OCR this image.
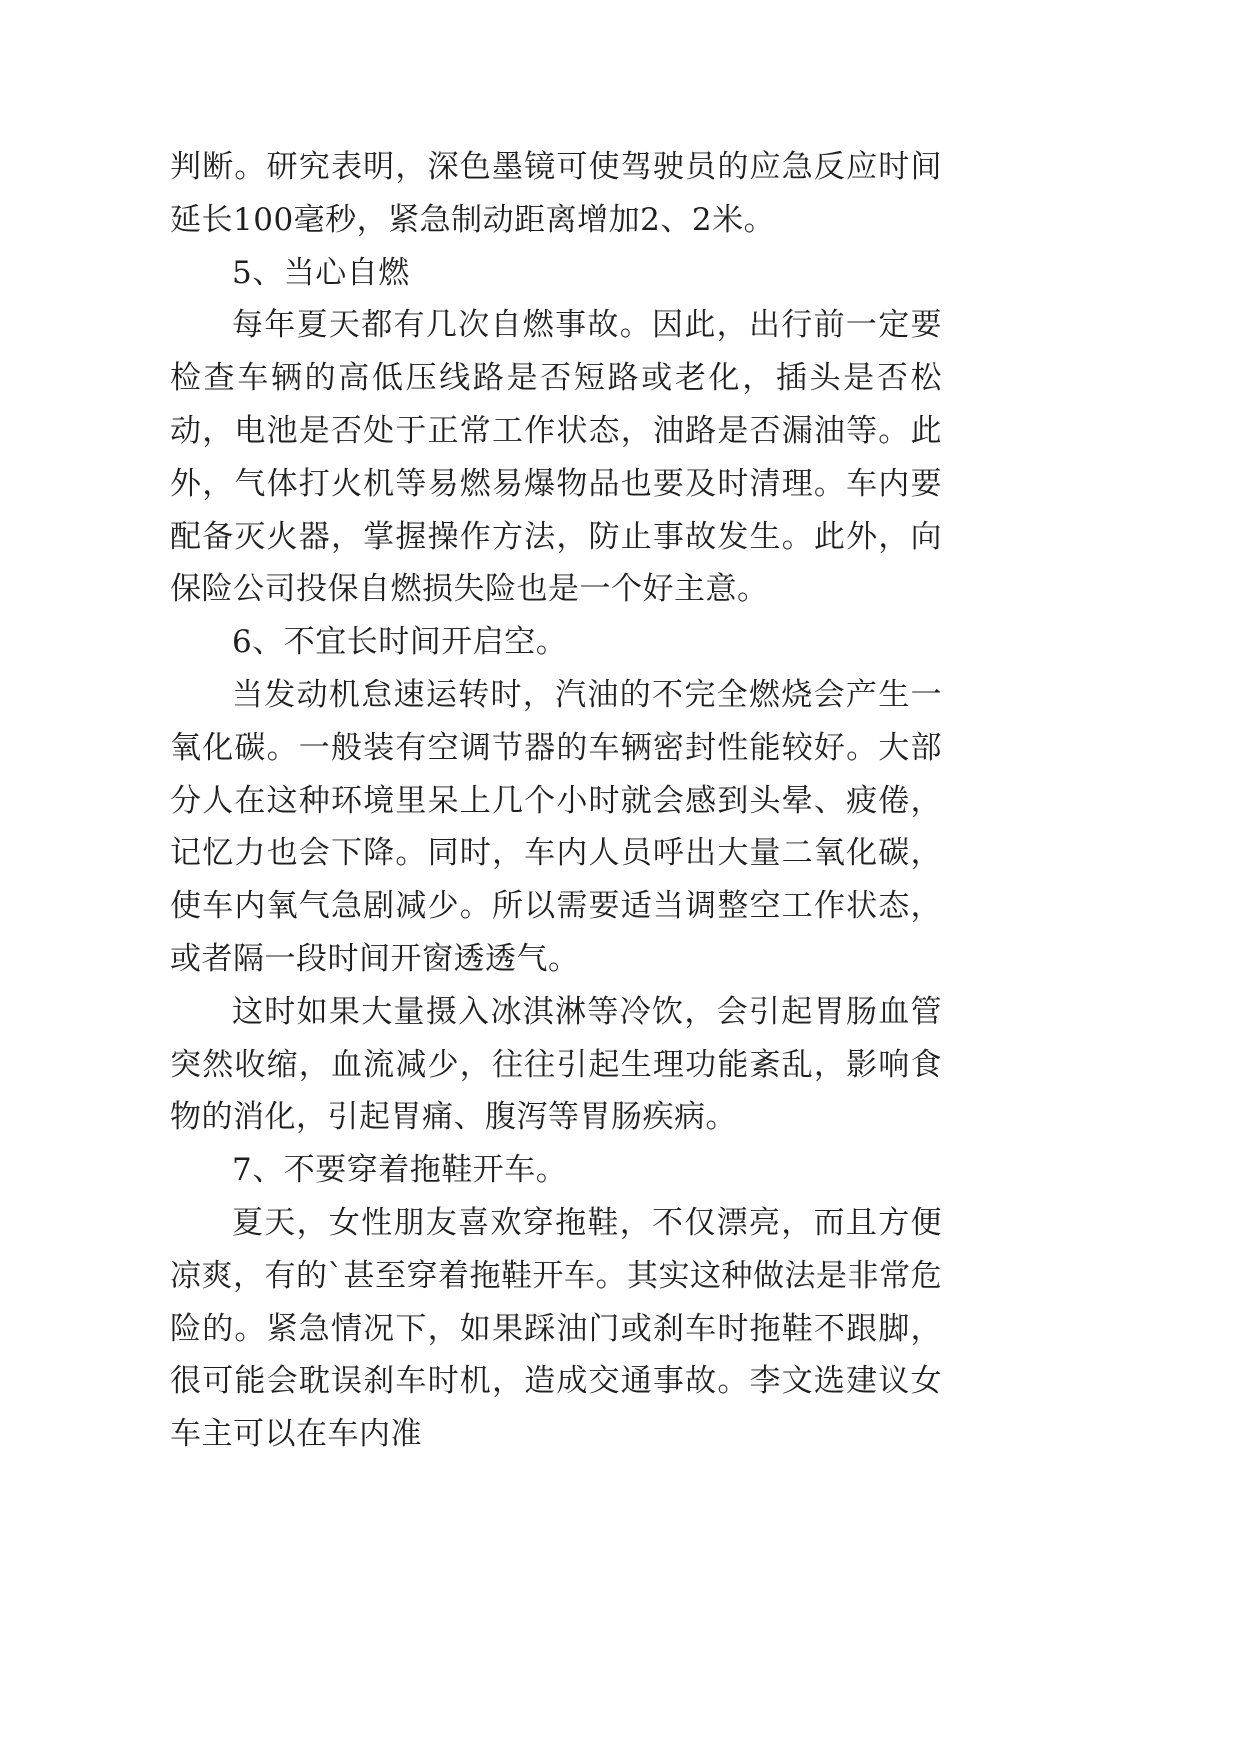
判断。研究表明，深色墨镜可使驾驶员的应急反应时间延长100毫秒，紧急制动距离增加2、2米。

5、当心自燃

每年夏天都有几次自燃事故。因此，出行前一定要检查车辆的高低压线路是否短路或老化，插头是否松动，电池是否处于正常工作状态，油路是否漏油等。此外，气体打火机等易燃易爆物品也要及时清理。车内要配备灭火器，掌握操作方法，防止事故发生。此外，向保险公司投保自燃损失险也是一个好主意。

6、不宜长时间开启空。

当发动机怠速运转时，汽油的不完全燃烧会产生一氧化碳。一般装有空调节器的车辆密封性能较好。大部分人在这种环境里呆上几个小时就会感到头晕、疲倦，记忆力也会下降。同时，车内人员呼出大量二氧化碳，使车内氧气急剧减少。所以需要适当调整空工作状态，或者隔一段时间开窗透透气。

这时如果大量摄入冰淇淋等冷饮，会引起胃肠血管突然收缩，血流减少，往往引起生理功能紊乱，影响食物的消化，引起胃痛、腹泻等胃肠疾病。

7、不要穿着拖鞋开车。

夏天，女性朋友喜欢穿拖鞋，不仅漂亮，而且方便凉爽，有的`甚至穿着拖鞋开车。其实这种做法是非常危险的。紧急情况下，如果踩油门或刹车时拖鞋不跟脚，很可能会耽误刹车时机，造成交通事故。李文选建议女车主可以在车内准
